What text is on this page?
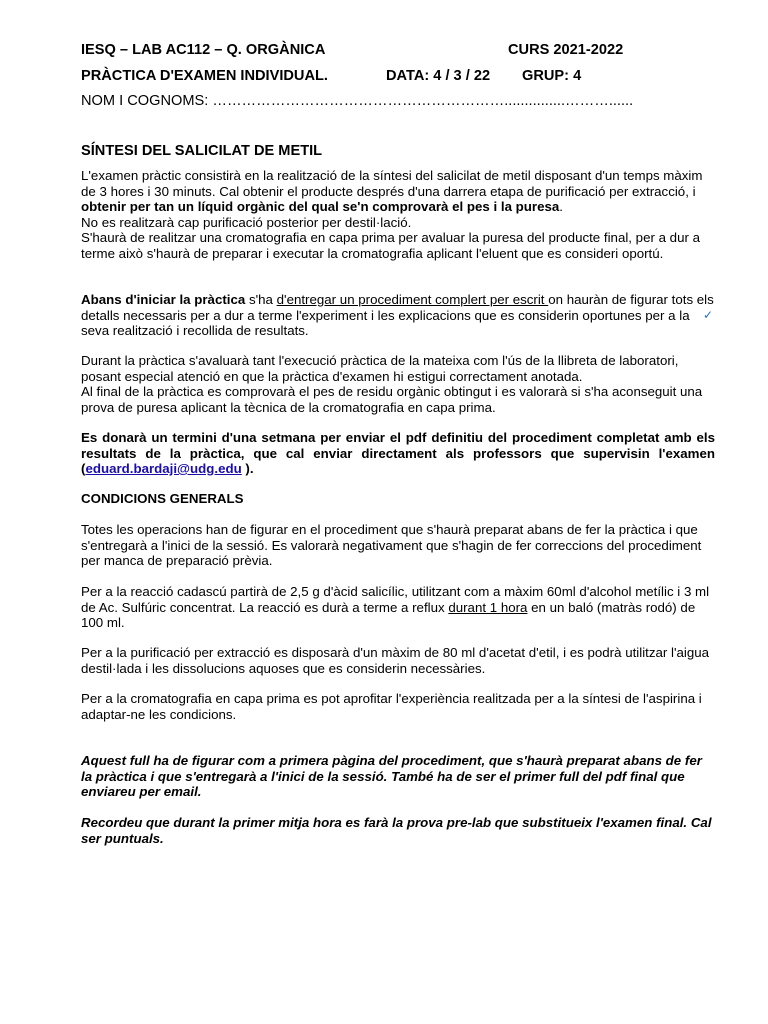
IESQ – LAB AC112 – Q. ORGÀNICA	CURS 2021-2022
PRÀCTICA D'EXAMEN INDIVIDUAL.	DATA: 4 / 3 / 22 GRUP: 4
NOM I COGNOMS: ……………………………………………………...............………......
SÍNTESI DEL SALICILAT DE METIL

L'examen pràctic consistirà en la realització de la síntesi del salicilat de metil disposant d'un temps màxim de 3 hores i 30 minuts. Cal obtenir el producte després d'una darrera etapa de purificació per extracció, i obtenir per tan un líquid orgànic del qual se'n comprovarà el pes i la puresa.

No es realitzarà cap purificació posterior per destil·lació.

S'haurà de realitzar una cromatografia en capa prima per avaluar la puresa del producte final, per a dur a terme això s'haurà de preparar i executar la cromatografia aplicant l'eluent que es consideri oportú.

Abans d'iniciar la pràctica s'ha d'entregar un procediment complert per escrit on hauràn de figurar tots els detalls necessaris per a dur a terme l'experiment i les explicacions que es considerin oportunes per a la seva realització i recollida de resultats.

✓

Durant la pràctica s'avaluarà tant l'execució pràctica de la mateixa com l'ús de la llibreta de laboratori, posant especial atenció en que la pràctica d'examen hi estigui correctament anotada.

Al final de la pràctica es comprovarà el pes de residu orgànic obtingut i es valorarà si s'ha aconseguit una prova de puresa aplicant la tècnica de la cromatografia en capa prima.

Es donarà un termini d'una setmana per enviar el pdf definitiu del procediment completat amb els resultats de la pràctica, que cal enviar directament als professors que supervisin l'examen (eduard.bardaji@udg.edu ).

CONDICIONS GENERALS
Totes les operacions han de figurar en el procediment que s'haurà preparat abans de fer la pràctica i que s'entregarà a l'inici de la sessió. Es valorarà negativament que s'hagin de fer correccions del procediment per manca de preparació prèvia.

Per a la reacció cadascú partirà de 2,5 g d'àcid salicílic, utilitzant com a màxim 60ml d'alcohol metílic i 3 ml de Ac. Sulfúric concentrat. La reacció es durà a terme a reflux durant 1 hora en un baló (matràs rodó) de 100 ml.

Per a la purificació per extracció es disposarà d'un màxim de 80 ml d'acetat d'etil, i es podrà utilitzar l'aigua destil·lada i les dissolucions aquoses que es considerin necessàries.
Per a la cromatografia en capa prima es pot aprofitar l'experiència realitzada per a la síntesi de l'aspirina i adaptar-ne les condicions.
Aquest full ha de figurar com a primera pàgina del procediment, que s'haurà preparat abans de fer la pràctica i que s'entregarà a l'inici de la sessió. També ha de ser el primer full del pdf final que enviareu per email.
Recordeu que durant la primer mitja hora es farà la prova pre-lab que substitueix l'examen final. Cal ser puntuals.
